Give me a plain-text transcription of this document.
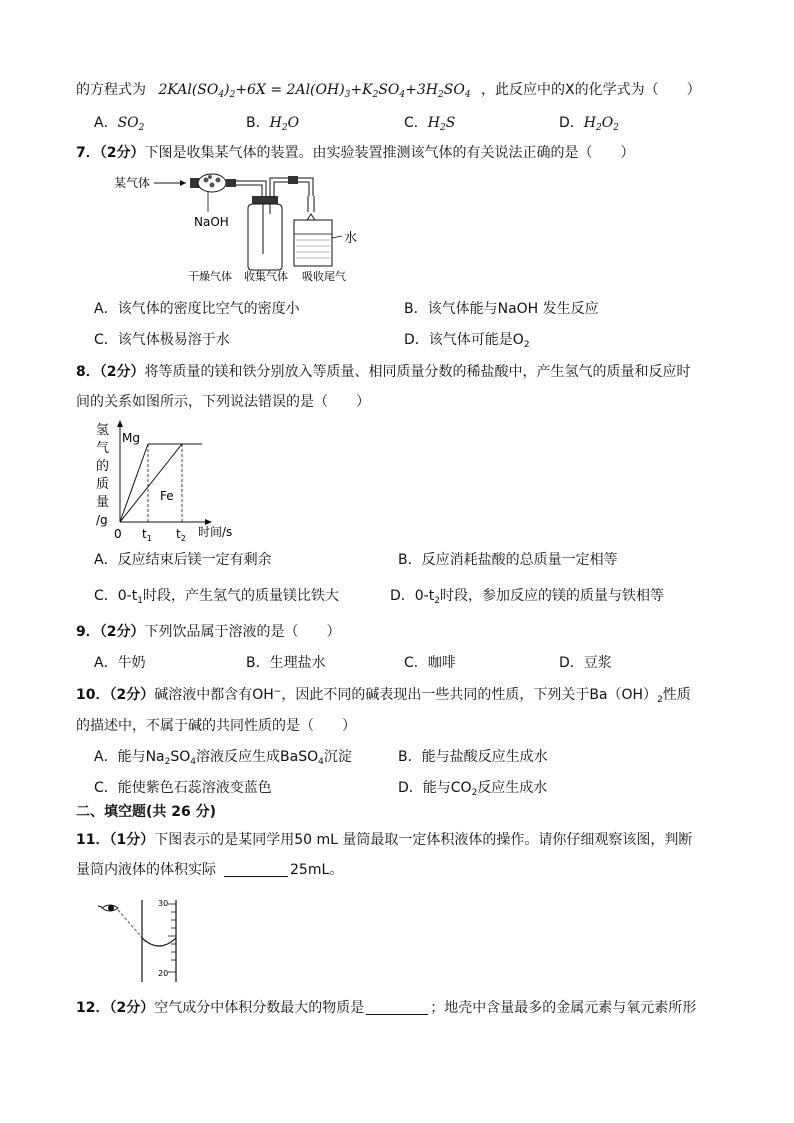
的方程式为 $2KAl(SO_4)_2+6X = 2Al(OH)_3+K_2SO_4+3H_2SO_4$ ，此反应中的X的化学式为（　　）
A．$SO_2$	B．$H_2O$	C．$H_2S$	D．$H_2O_2$
7．（2分）下图是收集某气体的装置。由实验装置推测该气体的有关说法正确的是（　　）
某气体
NaOH
水
干燥气体 收集气体 吸收尾气
A．该气体的密度比空气的密度小	B．该气体能与NaOH 发生反应
C．该气体极易溶于水	D．该气体可能是$O_2$
8．（2分）将等质量的镁和铁分别放入等质量、相同质量分数的稀盐酸中，产生氢气的质量和反应时
间的关系如图所示，下列说法错误的是（　　）
氢
气
的
质
量
/g
Mg
Fe
0 $t_1$ $t_2$ 时间/s
A．反应结束后镁一定有剩余	B．反应消耗盐酸的总质量一定相等
C．$0-t_1$时段，产生氢气的质量镁比铁大	D．$0-t_2$时段，参加反应的镁的质量与铁相等
9．（2分）下列饮品属于溶液的是（　　）
A．牛奶	B．生理盐水	C．咖啡	D．豆浆
10．（2分）碱溶液中都含有OH−，因此不同的碱表现出一些共同的性质，下列关于$Ba(OH)_2$性质
的描述中，不属于碱的共同性质的是（　　）
A．能与$Na_2SO_4$溶液反应生成BaSO$_4$沉淀	B．能与盐酸反应生成水
C．能使紫色石蕊溶液变蓝色	D．能与$CO_2$反应生成水
二、填空题(共 26 分)
11．（1分）下图表示的是某同学用50 mL 量筒最取一定体积液体的操作。请你仔细观察该图，判断
量筒内液体的体积实际	25mL。
30
20
12．（2分）空气成分中体积分数最大的物质是	；地壳中含量最多的金属元素与氧元素所形
